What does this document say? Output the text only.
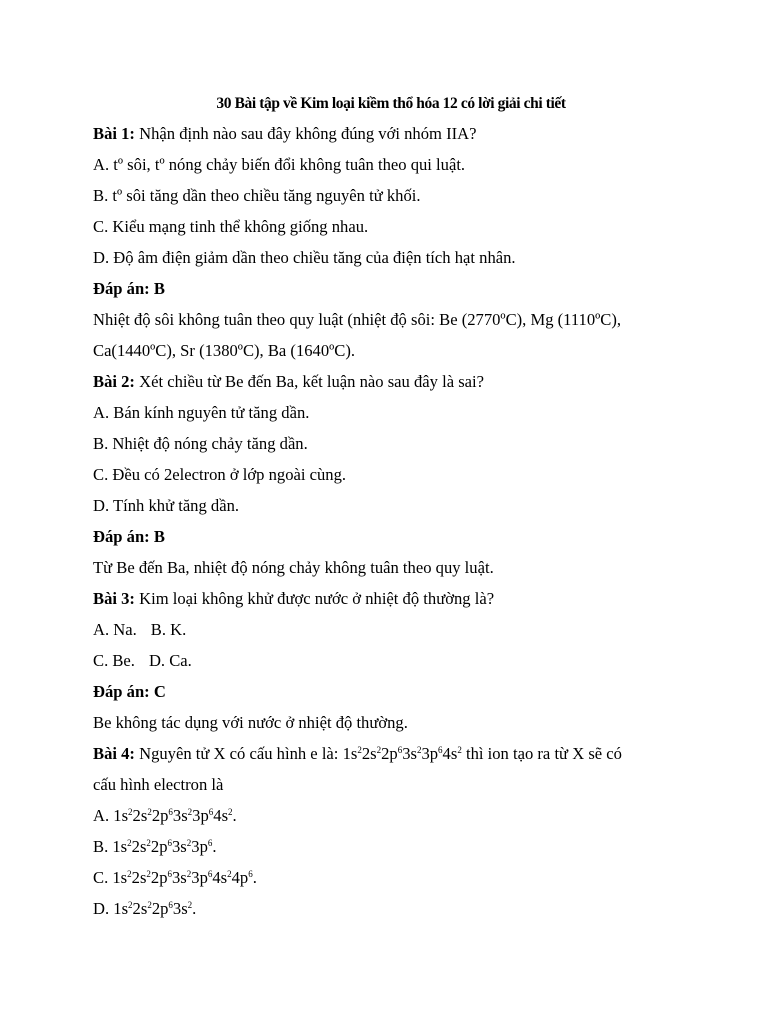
30 Bài tập về Kim loại kiềm thổ hóa 12 có lời giải chi tiết
Bài 1: Nhận định nào sau đây không đúng với nhóm IIA?
A. tº sôi, tº nóng chảy biến đổi không tuân theo qui luật.
B. tº sôi tăng dần theo chiều tăng nguyên tử khối.
C. Kiểu mạng tinh thể không giống nhau.
D. Độ âm điện giảm dần theo chiều tăng của điện tích hạt nhân.
Đáp án: B
Nhiệt độ sôi không tuân theo quy luật (nhiệt độ sôi: Be (2770ºC), Mg (1110ºC),
Ca(1440ºC), Sr (1380ºC), Ba (1640ºC).
Bài 2: Xét chiều từ Be đến Ba, kết luận nào sau đây là sai?
A. Bán kính nguyên tử tăng dần.
B. Nhiệt độ nóng chảy tăng dần.
C. Đều có 2electron ở lớp ngoài cùng.
D. Tính khử tăng dần.
Đáp án: B
Từ Be đến Ba, nhiệt độ nóng chảy không tuân theo quy luật.
Bài 3: Kim loại không khử được nước ở nhiệt độ thường là?
A. Na. B. K.
C. Be. D. Ca.
Đáp án: C
Be không tác dụng với nước ở nhiệt độ thường.
Bài 4: Nguyên tử X có cấu hình e là: $1s^22s^22p^63s^23p^64s^2$ thì ion tạo ra từ X sẽ có
cấu hình electron là
A. $1s^22s^22p^63s^23p^64s^2$.
B. $1s^22s^22p^63s^23p^6$.
C. $1s^22s^22p^63s^23p^64s^24p^6$.
D. $1s^22s^22p^63s^2$.
